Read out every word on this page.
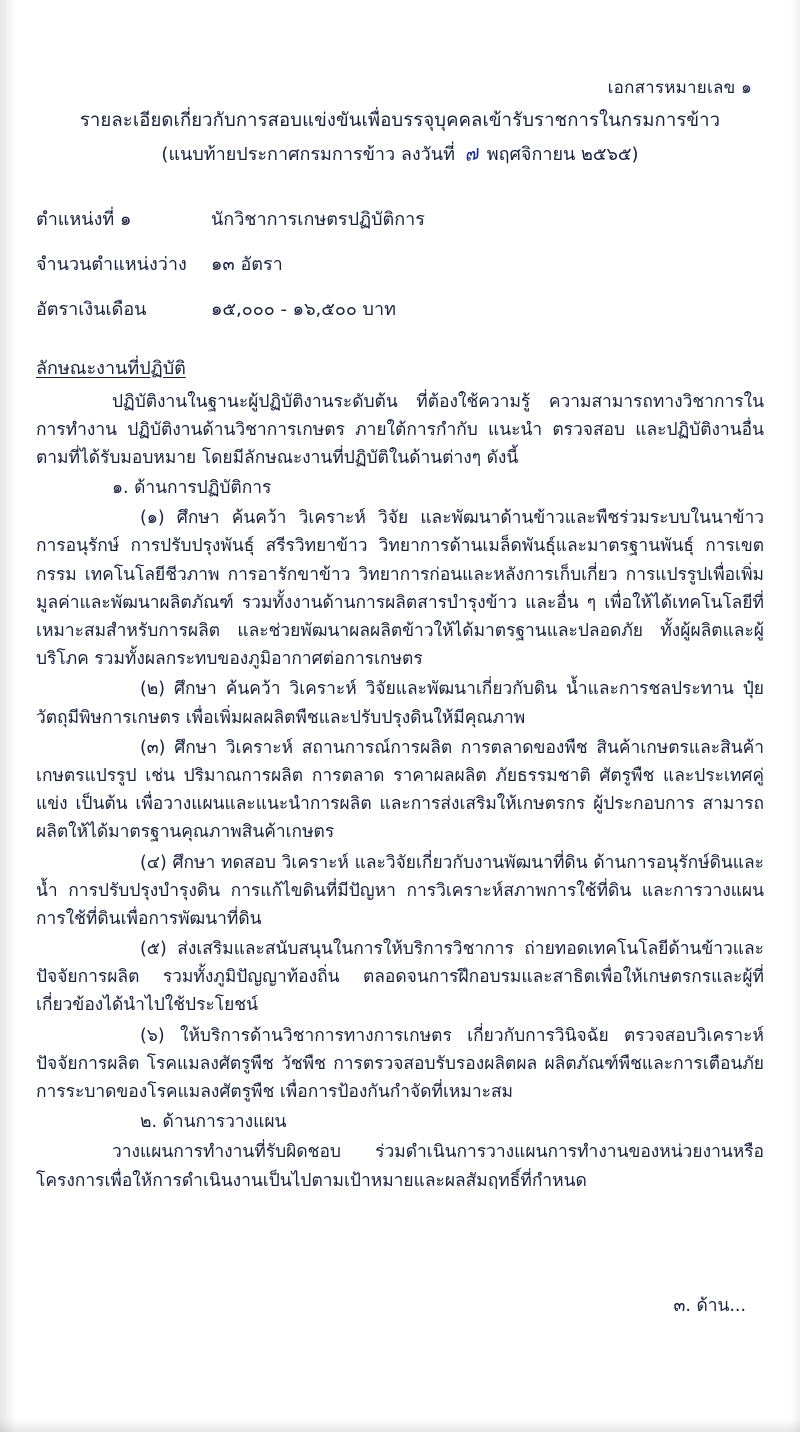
เอกสารหมายเลข ๑
รายละเอียดเกี่ยวกับการสอบแข่งขันเพื่อบรรจุบุคคลเข้ารับราชการในกรมการข้าว
(แนบท้ายประกาศกรมการข้าว ลงวันที่ ๗ พฤศจิกายน ๒๕๖๕)
ตำแหน่งที่ ๑	นักวิชาการเกษตรปฏิบัติการ
จำนวนตำแหน่งว่าง	๑๓ อัตรา
อัตราเงินเดือน	๑๕,๐๐๐ - ๑๖,๕๐๐ บาท
ลักษณะงานที่ปฏิบัติ

ปฏิบัติงานในฐานะผู้ปฏิบัติงานระดับต้น ที่ต้องใช้ความรู้ ความสามารถทางวิชาการในการทำงาน ปฏิบัติงานด้านวิชาการเกษตร ภายใต้การกำกับ แนะนำ ตรวจสอบ และปฏิบัติงานอื่นตามที่ได้รับมอบหมาย โดยมีลักษณะงานที่ปฏิบัติในด้านต่างๆ ดังนี้

๑. ด้านการปฏิบัติการ

(๑) ศึกษา ค้นคว้า วิเคราะห์ วิจัย และพัฒนาด้านข้าวและพืชร่วมระบบในนาข้าว การอนุรักษ์ การปรับปรุงพันธุ์ สรีรวิทยาข้าว วิทยาการด้านเมล็ดพันธุ์และมาตรฐานพันธุ์ การเขตกรรม เทคโนโลยีชีวภาพ การอารักขาข้าว วิทยาการก่อนและหลังการเก็บเกี่ยว การแปรรูปเพื่อเพิ่มมูลค่าและพัฒนาผลิตภัณฑ์ รวมทั้งงานด้านการผลิตสารบำรุงข้าว และอื่น ๆ เพื่อให้ได้เทคโนโลยีที่เหมาะสมสำหรับการผลิต และช่วยพัฒนาผลผลิตข้าวให้ได้มาตรฐานและปลอดภัย ทั้งผู้ผลิตและผู้บริโภค รวมทั้งผลกระทบของภูมิอากาศต่อการเกษตร

(๒) ศึกษา ค้นคว้า วิเคราะห์ วิจัยและพัฒนาเกี่ยวกับดิน น้ำและการชลประทาน ปุ๋ย วัตถุมีพิษการเกษตร เพื่อเพิ่มผลผลิตพืชและปรับปรุงดินให้มีคุณภาพ

(๓) ศึกษา วิเคราะห์ สถานการณ์การผลิต การตลาดของพืช สินค้าเกษตรและสินค้าเกษตรแปรรูป เช่น ปริมาณการผลิต การตลาด ราคาผลผลิต ภัยธรรมชาติ ศัตรูพืช และประเทศคู่แข่ง เป็นต้น เพื่อวางแผนและแนะนำการผลิต และการส่งเสริมให้เกษตรกร ผู้ประกอบการ สามารถผลิตให้ได้มาตรฐานคุณภาพสินค้าเกษตร

(๔) ศึกษา ทดสอบ วิเคราะห์ และวิจัยเกี่ยวกับงานพัฒนาที่ดิน ด้านการอนุรักษ์ดินและน้ำ การปรับปรุงบำรุงดิน การแก้ไขดินที่มีปัญหา การวิเคราะห์สภาพการใช้ที่ดิน และการวางแผน การใช้ที่ดินเพื่อการพัฒนาที่ดิน

(๕) ส่งเสริมและสนับสนุนในการให้บริการวิชาการ ถ่ายทอดเทคโนโลยีด้านข้าวและปัจจัยการผลิต รวมทั้งภูมิปัญญาท้องถิ่น ตลอดจนการฝึกอบรมและสาธิตเพื่อให้เกษตรกรและผู้ที่เกี่ยวข้องได้นำไปใช้ประโยชน์

(๖) ให้บริการด้านวิชาการทางการเกษตร เกี่ยวกับการวินิจฉัย ตรวจสอบวิเคราะห์ ปัจจัยการผลิต โรคแมลงศัตรูพืช วัชพืช การตรวจสอบรับรองผลิตผล ผลิตภัณฑ์พืชและการเตือนภัยการระบาดของโรคแมลงศัตรูพืช เพื่อการป้องกันกำจัดที่เหมาะสม

๒. ด้านการวางแผน

วางแผนการทำงานที่รับผิดชอบ ร่วมดำเนินการวางแผนการทำงานของหน่วยงานหรือโครงการเพื่อให้การดำเนินงานเป็นไปตามเป้าหมายและผลสัมฤทธิ์ที่กำหนด

๓. ด้าน...
